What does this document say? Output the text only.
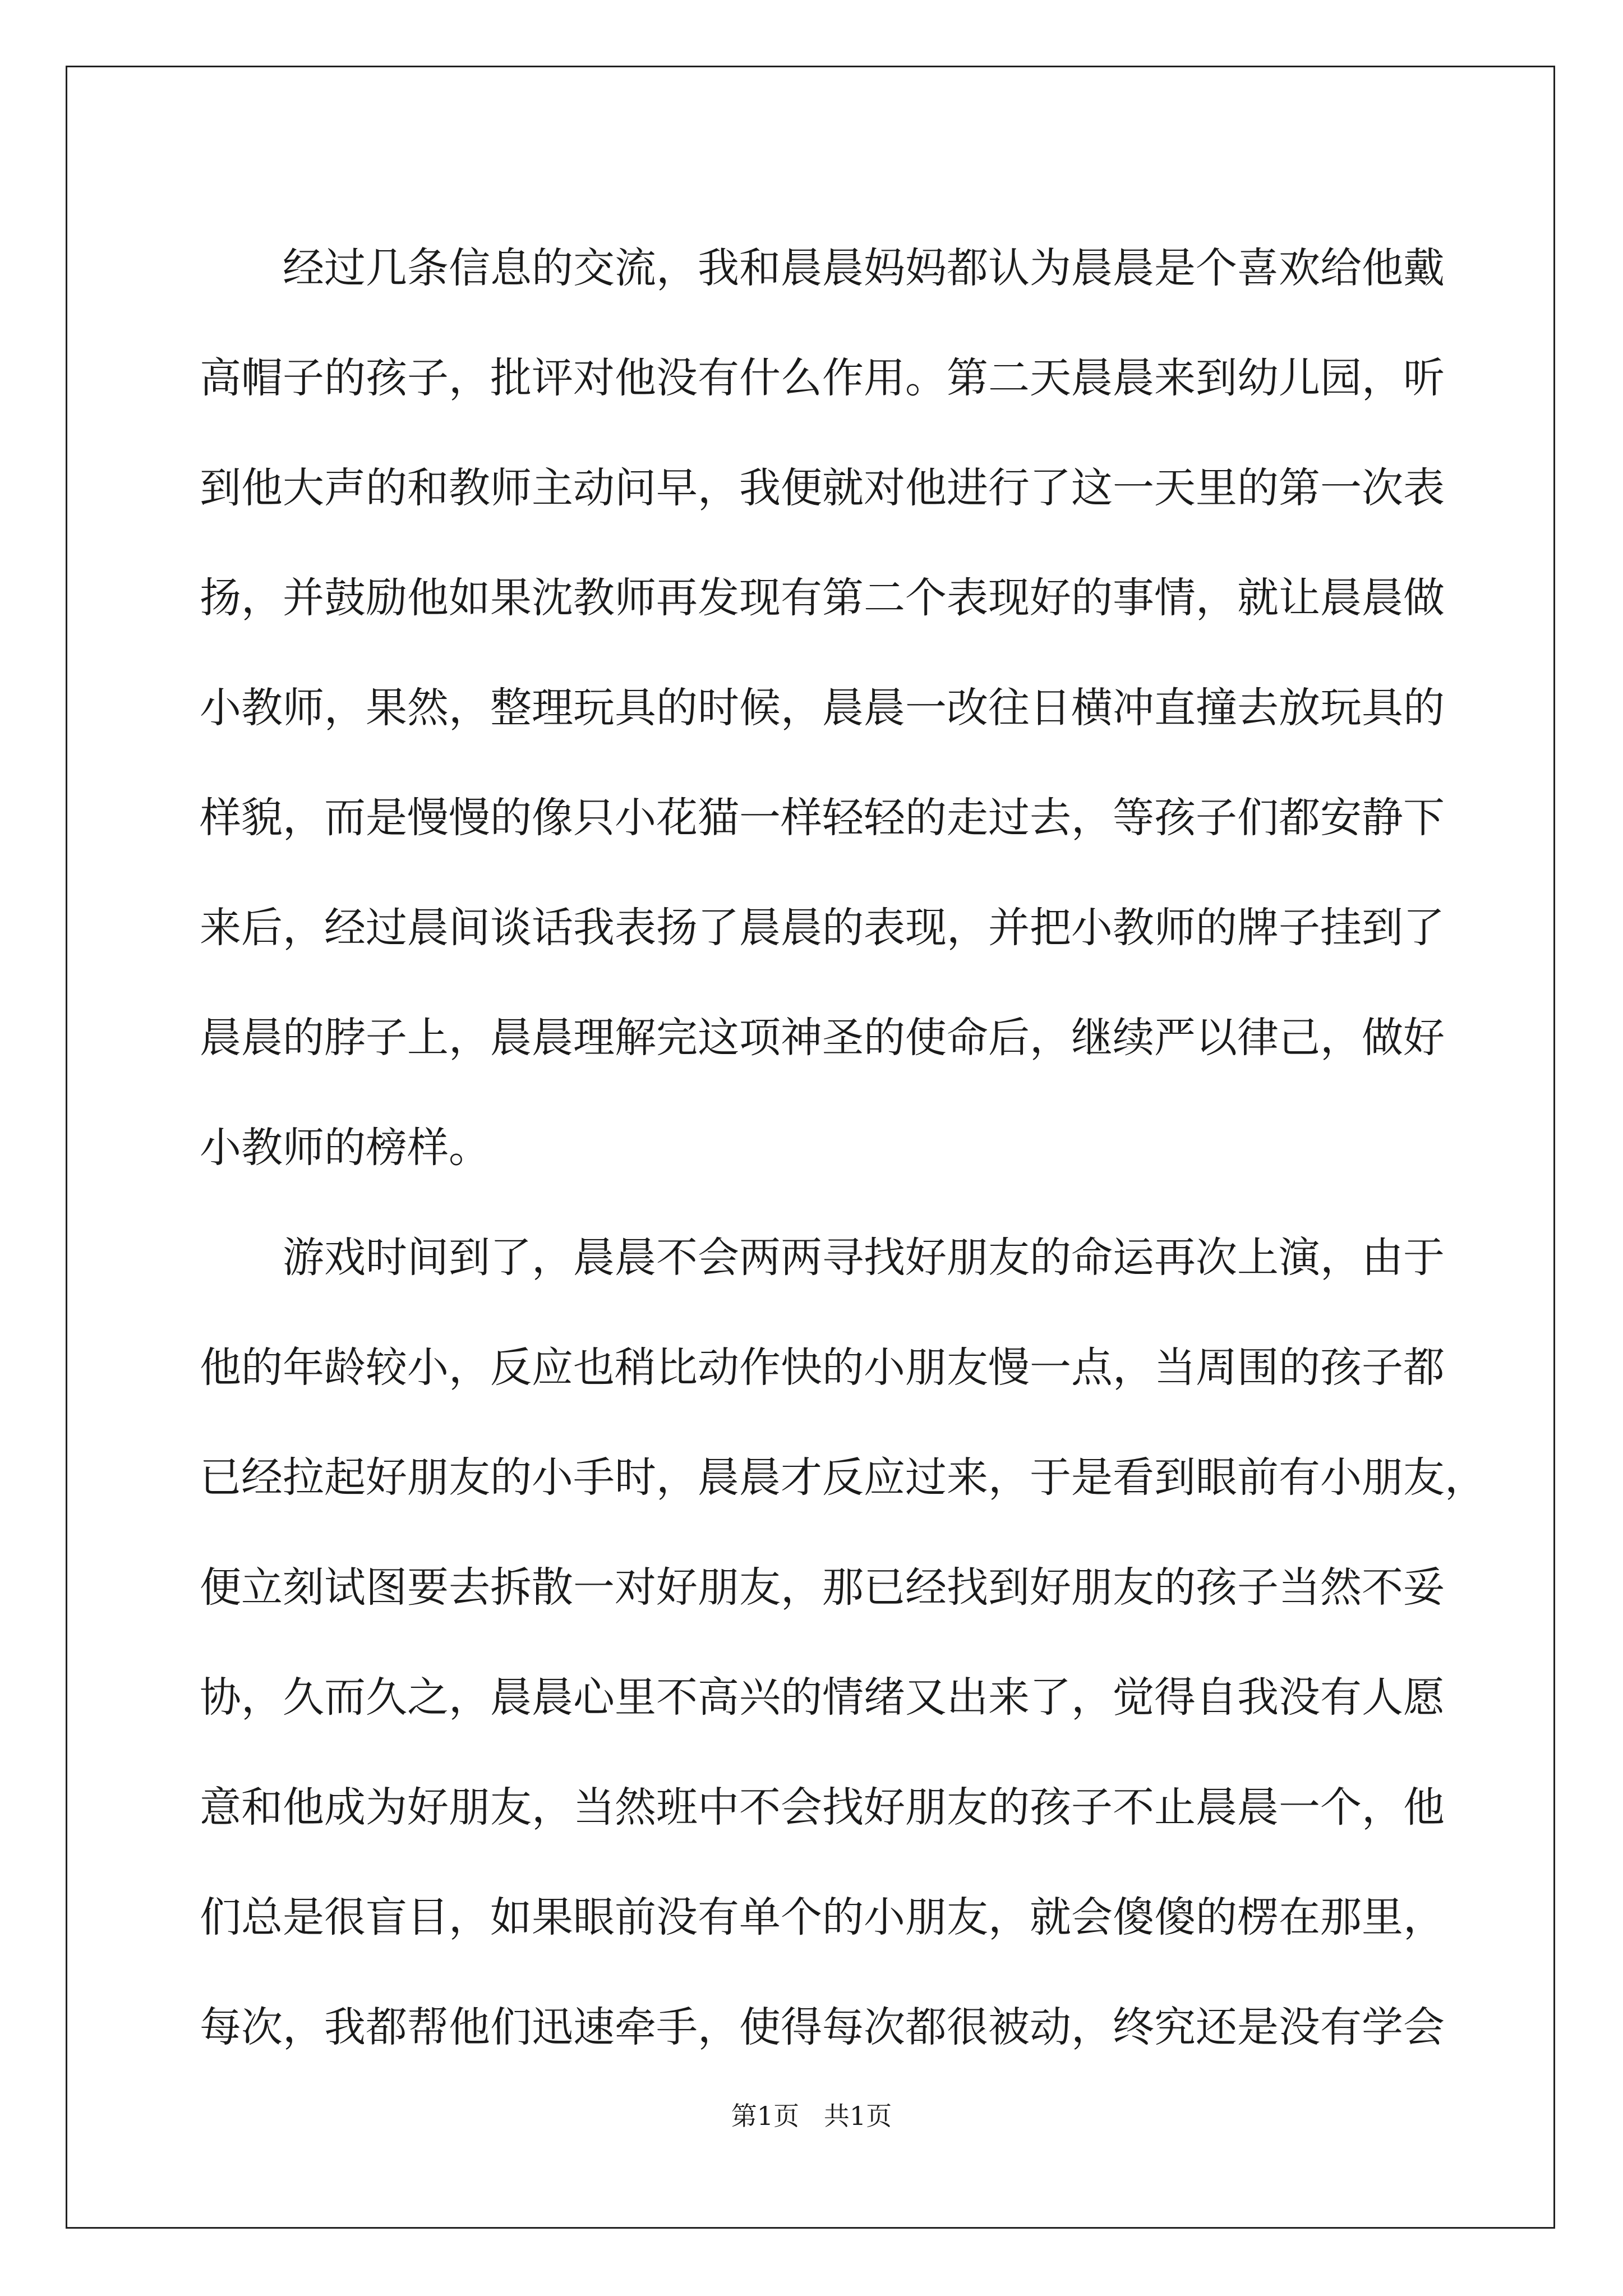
经过几条信息的交流，我和晨晨妈妈都认为晨晨是个喜欢给他戴
高帽子的孩子，批评对他没有什么作用。第二天晨晨来到幼儿园，听
到他大声的和教师主动问早，我便就对他进行了这一天里的第一次表
扬，并鼓励他如果沈教师再发现有第二个表现好的事情，就让晨晨做
小教师，果然，整理玩具的时候，晨晨一改往日横冲直撞去放玩具的
样貌，而是慢慢的像只小花猫一样轻轻的走过去，等孩子们都安静下
来后，经过晨间谈话我表扬了晨晨的表现，并把小教师的牌子挂到了
晨晨的脖子上，晨晨理解完这项神圣的使命后，继续严以律己，做好
小教师的榜样。
游戏时间到了，晨晨不会两两寻找好朋友的命运再次上演，由于
他的年龄较小，反应也稍比动作快的小朋友慢一点，当周围的孩子都
已经拉起好朋友的小手时，晨晨才反应过来，于是看到眼前有小朋友，
便立刻试图要去拆散一对好朋友，那已经找到好朋友的孩子当然不妥
协，久而久之，晨晨心里不高兴的情绪又出来了，觉得自我没有人愿
意和他成为好朋友，当然班中不会找好朋友的孩子不止晨晨一个，他
们总是很盲目，如果眼前没有单个的小朋友，就会傻傻的楞在那里，
每次，我都帮他们迅速牵手，使得每次都很被动，终究还是没有学会
第1页   共1页
